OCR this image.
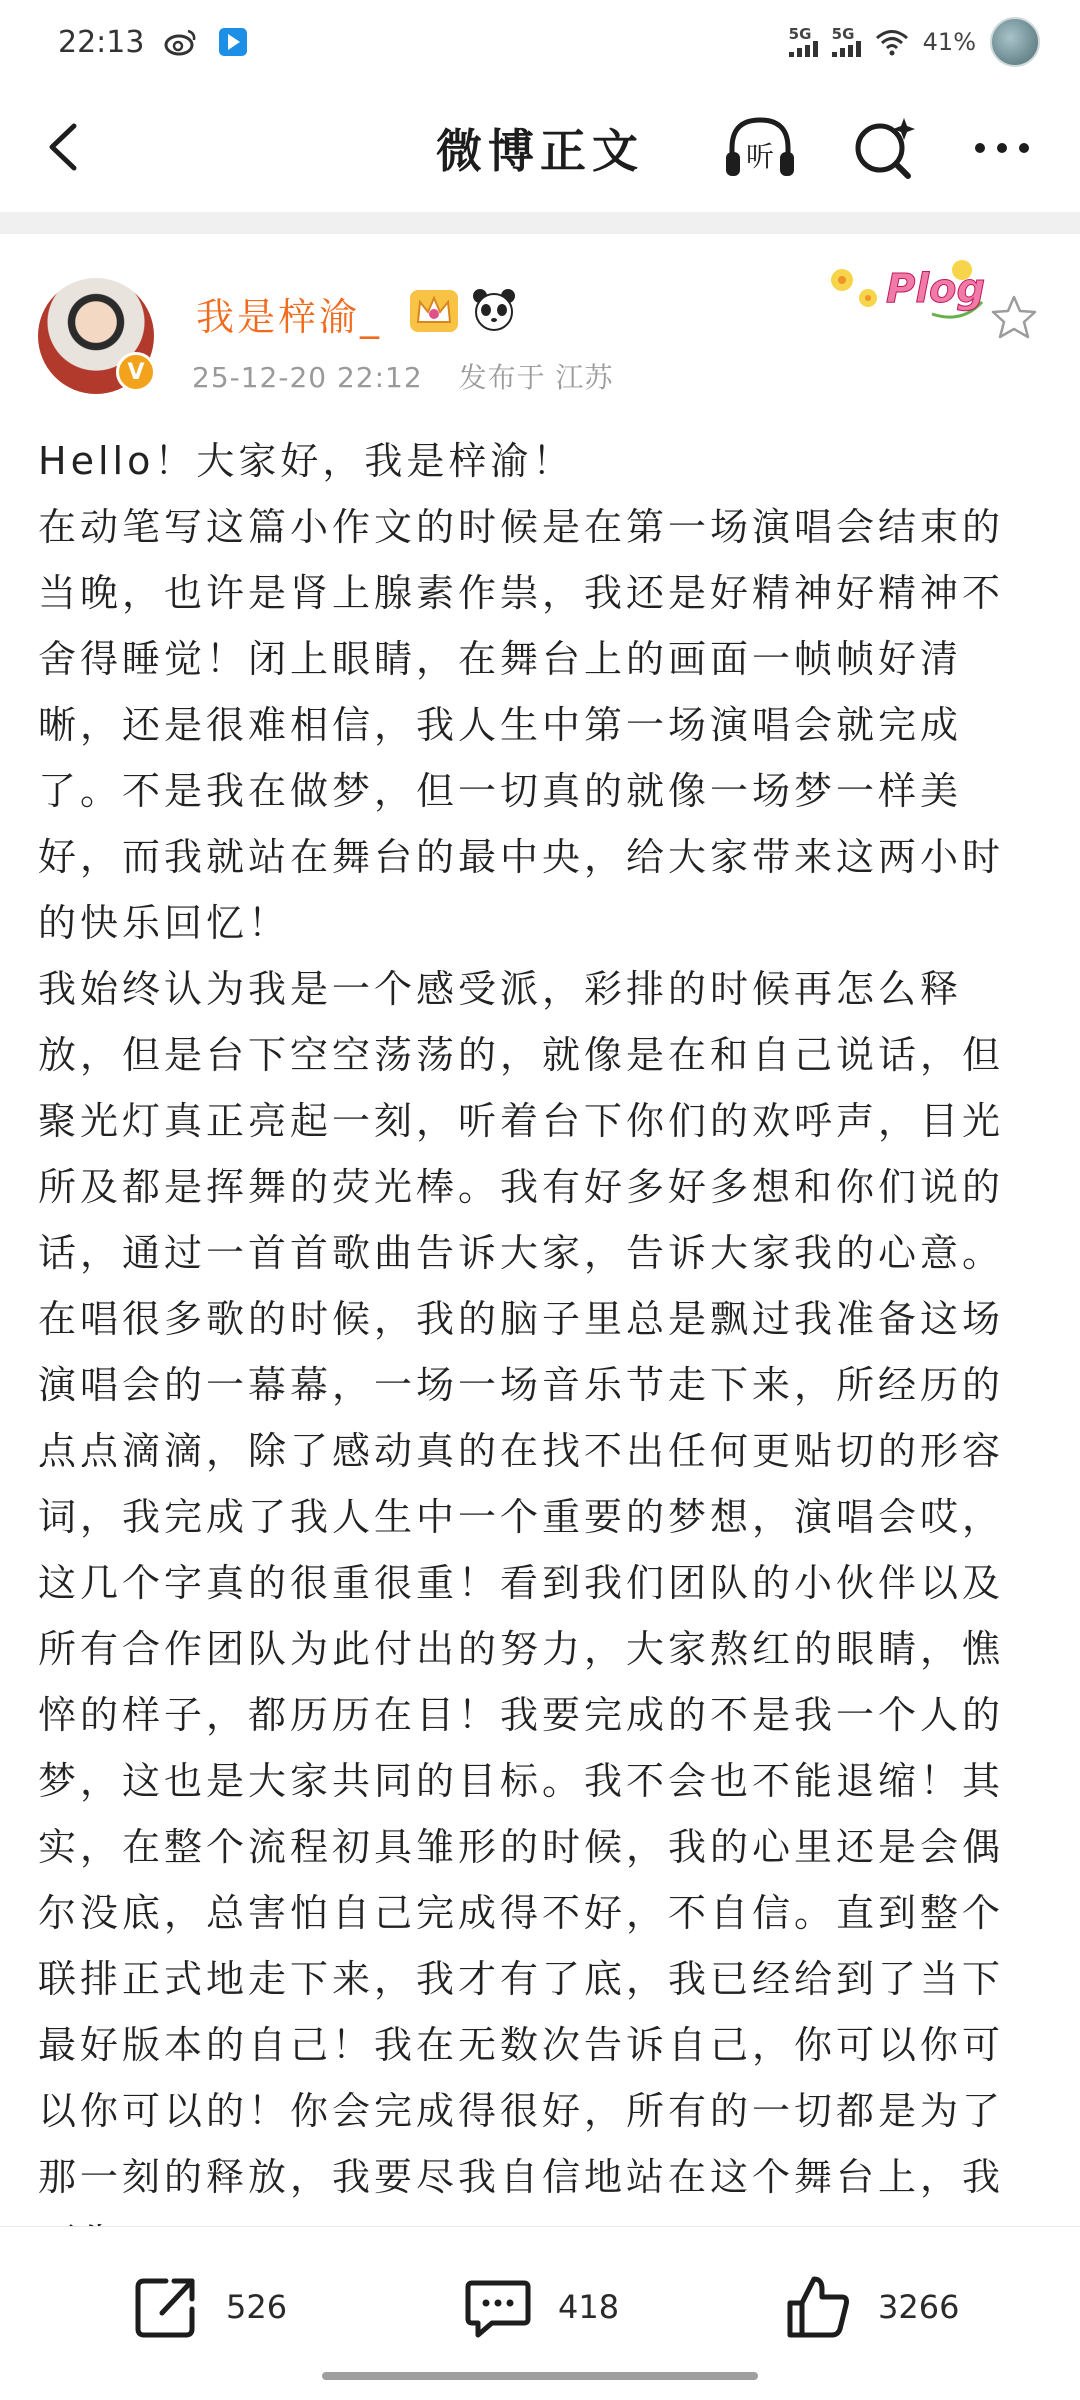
22:13	5G 5G	41%
微博正文	听
V
我是梓渝_
25-12-20 22:12 发布于 江苏
Plog

Hello！大家好，我是梓渝！

在动笔写这篇小作文的时候是在第一场演唱会结束的当晚，也许是肾上腺素作祟，我还是好精神好精神不舍得睡觉！闭上眼睛，在舞台上的画面一帧帧好清晰，还是很难相信，我人生中第一场演唱会就完成了。不是我在做梦，但一切真的就像一场梦一样美好，而我就站在舞台的最中央，给大家带来这两小时的快乐回忆！

我始终认为我是一个感受派，彩排的时候再怎么释放，但是台下空空荡荡的，就像是在和自己说话，但聚光灯真正亮起一刻，听着台下你们的欢呼声，目光所及都是挥舞的荧光棒。我有好多好多想和你们说的话，通过一首首歌曲告诉大家，告诉大家我的心意。在唱很多歌的时候，我的脑子里总是飘过我准备这场演唱会的一幕幕，一场一场音乐节走下来，所经历的点点滴滴，除了感动真的在找不出任何更贴切的形容词，我完成了我人生中一个重要的梦想，演唱会哎，这几个字真的很重很重！看到我们团队的小伙伴以及所有合作团队为此付出的努力，大家熬红的眼睛，憔悴的样子，都历历在目！我要完成的不是我一个人的梦，这也是大家共同的目标。我不会也不能退缩！其实，在整个流程初具雏形的时候，我的心里还是会偶尔没底，总害怕自己完成得不好，不自信。直到整个联排正式地走下来，我才有了底，我已经给到了当下最好版本的自己！我在无数次告诉自己，你可以你可以你可以的！你会完成得很好，所有的一切都是为了那一刻的释放，我要尽我自信地站在这个舞台上，我

526	418	3266
